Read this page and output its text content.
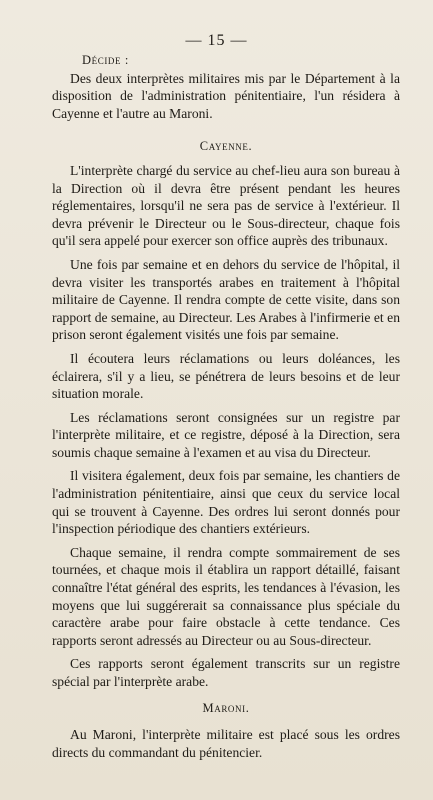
— 15 —
Décide :

Des deux interprètes militaires mis par le Département à la disposition de l'administration pénitentiaire, l'un résidera à Cayenne et l'autre au Maroni.

Cayenne.

L'interprète chargé du service au chef-lieu aura son bureau à la Direction où il devra être présent pendant les heures réglementaires, lorsqu'il ne sera pas de service à l'extérieur. Il devra prévenir le Directeur ou le Sous-directeur, chaque fois qu'il sera appelé pour exercer son office auprès des tribunaux.

Une fois par semaine et en dehors du service de l'hôpital, il devra visiter les transportés arabes en traitement à l'hôpital militaire de Cayenne. Il rendra compte de cette visite, dans son rapport de semaine, au Directeur. Les Arabes à l'infirmerie et en prison seront également visités une fois par semaine.

Il écoutera leurs réclamations ou leurs doléances, les éclairera, s'il y a lieu, se pénétrera de leurs besoins et de leur situation morale.

Les réclamations seront consignées sur un registre par l'interprète militaire, et ce registre, déposé à la Direction, sera soumis chaque semaine à l'examen et au visa du Directeur.

Il visitera également, deux fois par semaine, les chantiers de l'administration pénitentiaire, ainsi que ceux du service local qui se trouvent à Cayenne. Des ordres lui seront donnés pour l'inspection périodique des chantiers extérieurs.

Chaque semaine, il rendra compte sommairement de ses tournées, et chaque mois il établira un rapport détaillé, faisant connaître l'état général des esprits, les tendances à l'évasion, les moyens que lui suggérerait sa connaissance plus spéciale du caractère arabe pour faire obstacle à cette tendance. Ces rapports seront adressés au Directeur ou au Sous-directeur.

Ces rapports seront également transcrits sur un registre spécial par l'interprète arabe.

Maroni.

Au Maroni, l'interprète militaire est placé sous les ordres directs du commandant du pénitencier.
